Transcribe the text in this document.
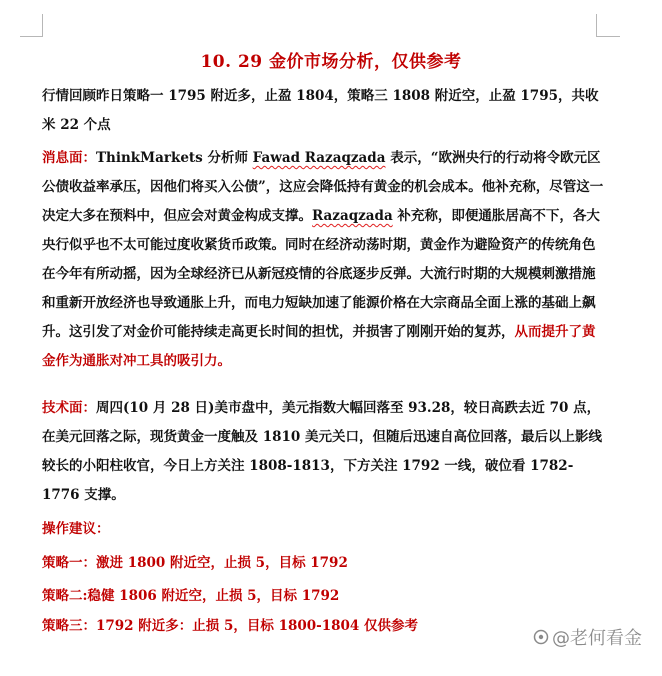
10. 29 金价市场分析，仅供参考
行情回顾昨日策略一 1795 附近多，止盈 1804，策略三 1808 附近空，止盈 1795，共收米 22 个点
消息面：ThinkMarkets 分析师 Fawad Razaqzada 表示，“欧洲央行的行动将令欧元区公债收益率承压，因他们将买入公债”，这应会降低持有黄金的机会成本。他补充称，尽管这一决定大多在预料中，但应会对黄金构成支撑。Razaqzada 补充称，即便通胀居高不下，各大央行似乎也不太可能过度收紧货币政策。同时在经济动荡时期，黄金作为避险资产的传统角色在今年有所动摇，因为全球经济已从新冠疫情的谷底逐步反弹。大流行时期的大规模刺激措施和重新开放经济也导致通胀上升，而电力短缺加速了能源价格在大宗商品全面上涨的基础上飙升。这引发了对金价可能持续走高更长时间的担忧，并损害了刚刚开始的复苏，从而提升了黄金作为通胀对冲工具的吸引力。
技术面：周四(10 月 28 日)美市盘中，美元指数大幅回落至 93.28，较日高跌去近 70 点，在美元回落之际，现货黄金一度触及 1810 美元关口，但随后迅速自高位回落，最后以上影线较长的小阳柱收官，今日上方关注 1808-1813，下方关注 1792 一线，破位看 1782-1776 支撑。
操作建议：
策略一：激进 1800 附近空，止损 5，目标 1792
策略二:稳健 1806 附近空，止损 5，目标 1792
策略三：1792 附近多：止损 5，目标 1800-1804 仅供参考
@老何看金
